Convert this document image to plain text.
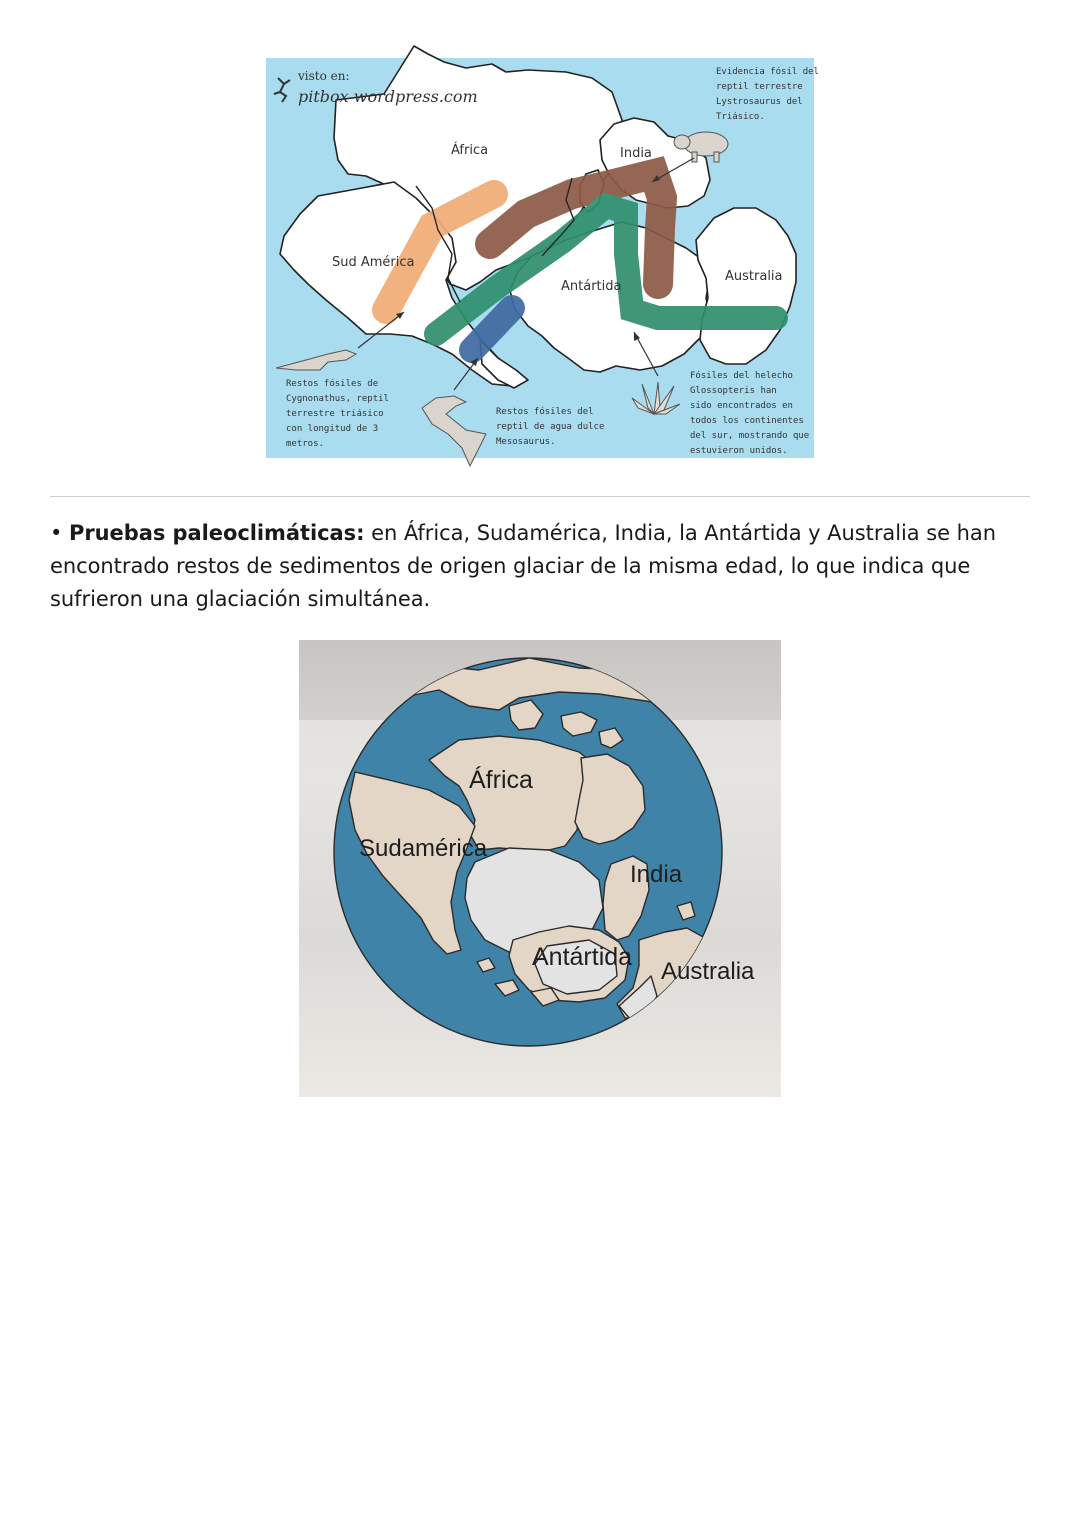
visto en:
pitbox wordpress.com
África	India
Sud América
Antártida
Australia
Evidencia fósil del reptil terrestre Lystrosaurus del Triásico.
Restos fósiles de Cygnonathus, reptil terrestre triásico con longitud de 3 metros.
Restos fósiles del reptil de agua dulce Mesosaurus.
Fósiles del helecho Glossopteris han sido encontrados en todos los continentes del sur, mostrando que estuvieron unidos.
• Pruebas paleoclimáticas: en África, Sudamérica, India, la Antártida y Australia se han encontrado restos de sedimentos de origen glaciar de la misma edad, lo que indica que sufrieron una glaciación simultánea.
África
Sudamérica
India
Antártida
Australia
